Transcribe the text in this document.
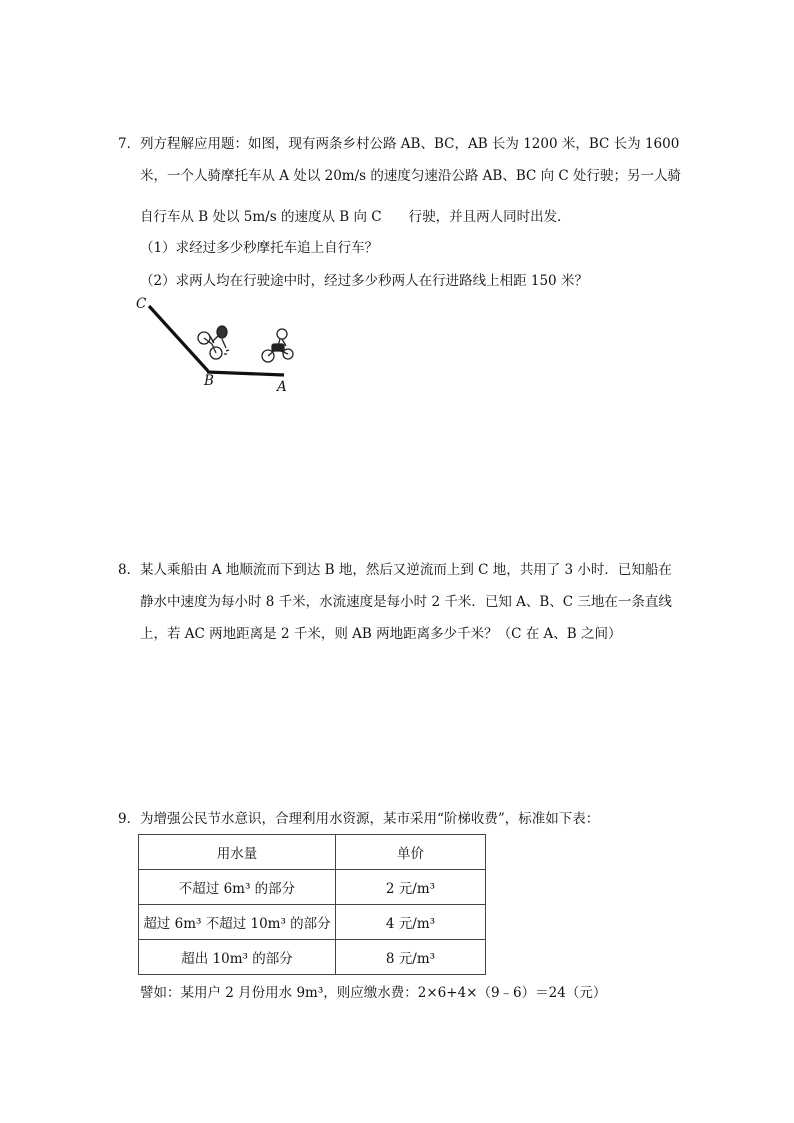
7． 列方程解应用题：如图，现有两条乡村公路 AB、BC，AB 长为 1200 米，BC 长为 1600
米，一个人骑摩托车从 A 处以 20m/s 的速度匀速沿公路 AB、BC 向 C 处行驶；另一人骑
自行车从 B 处以 5m/s 的速度从 B 向 C　　行驶，并且两人同时出发．
（1）求经过多少秒摩托车追上自行车？
（2）求两人均在行驶途中时，经过多少秒两人在行进路线上相距 150 米？
C
B	A
8． 某人乘船由 A 地顺流而下到达 B 地，然后又逆流而上到 C 地，共用了 3 小时．已知船在
静水中速度为每小时 8 千米，水流速度是每小时 2 千米．已知 A、B、C 三地在一条直线
上，若 AC 两地距离是 2 千米，则 AB 两地距离多少千米？（C 在 A、B 之间）
9． 为增强公民节水意识，合理利用水资源，某市采用“阶梯收费”，标准如下表：
用水量	单价
不超过 6m³ 的部分	2 元/m³
超过 6m³ 不超过 10m³ 的部分	4 元/m³
超出 10m³ 的部分	8 元/m³
譬如：某用户 2 月份用水 9m³，则应缴水费：2×6+4×（9﹣6）＝24（元）
